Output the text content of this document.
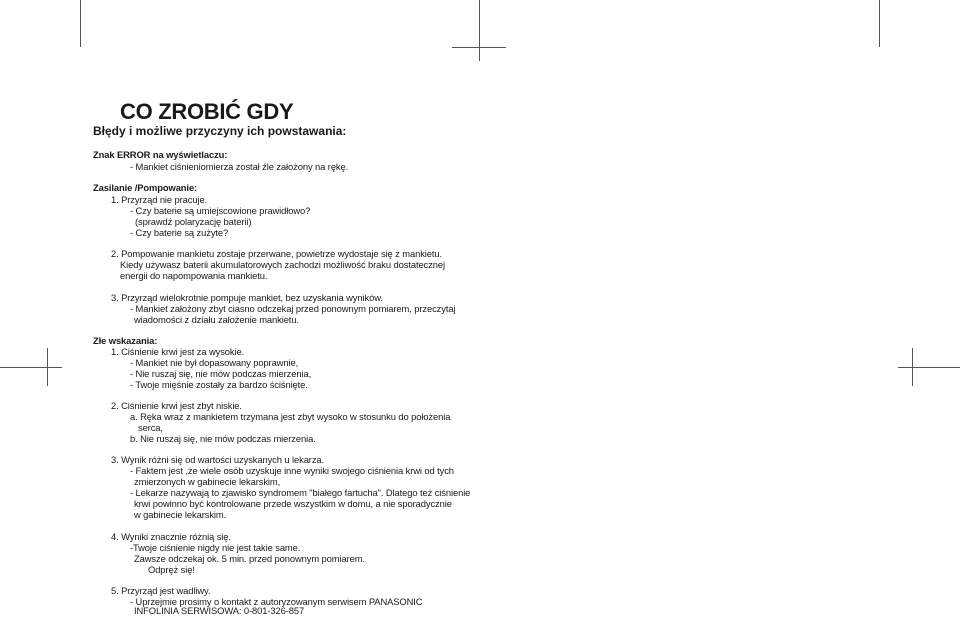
CO ZROBIĆ GDY
Błędy i możliwe przyczyny ich powstawania:
Znak ERROR na wyświetlaczu:
- Mankiet ciśnieniomierza został źle założony na rękę.
Zasilanie /Pompowanie:
1. Przyrząd nie pracuje.
- Czy baterie są umiejscowione prawidłowo?
(sprawdź polaryzację baterii)
- Czy baterie są zużyte?
2. Pompowanie mankietu zostaje przerwane, powietrze wydostaje się z mankietu.
Kiedy używasz baterii akumulatorowych zachodzi możliwość braku dostatecznej
energii do napompowania mankietu.
3. Przyrząd wielokrotnie pompuje mankiet, bez uzyskania wyników.
- Mankiet założony zbyt ciasno odczekaj przed ponownym pomiarem, przeczytaj
wiadomości z działu założenie mankietu.
Złe wskazania:
1. Ciśnienie krwi jest za wysokie.
- Mankiet nie był dopasowany poprawnie,
- Nie ruszaj się, nie mów podczas mierzenia,
- Twoje mięśnie zostały za bardzo ściśnięte.
2. Ciśnienie krwi jest zbyt niskie.
a. Ręka wraz z mankietem trzymana jest zbyt wysoko w stosunku do położenia
serca,
b. Nie ruszaj się, nie mów podczas mierzenia.
3. Wynik różni się od wartości uzyskanych u lekarza.
- Faktem jest ,że wiele osób uzyskuje inne wyniki swojego ciśnienia krwi od tych
zmierzonych w gabinecie lekarskim,
- Lekarze nazywają to zjawisko syndromem "białego fartucha". Dlatego też ciśnienie
krwi powinno być kontrolowane przede wszystkim w domu, a nie sporadycznie
w gabinecie lekarskim.
4. Wyniki znacznie różnią się.
-Twoje ciśnienie nigdy nie jest takie same.
Zawsze odczekaj ok. 5 min. przed ponownym pomiarem.
Odpręż się!
5. Przyrząd jest wadliwy.
- Uprzejmie prosimy o kontakt z autoryzowanym serwisem PANASONIC
INFOLINIA SERWISOWA: 0-801-326-857
